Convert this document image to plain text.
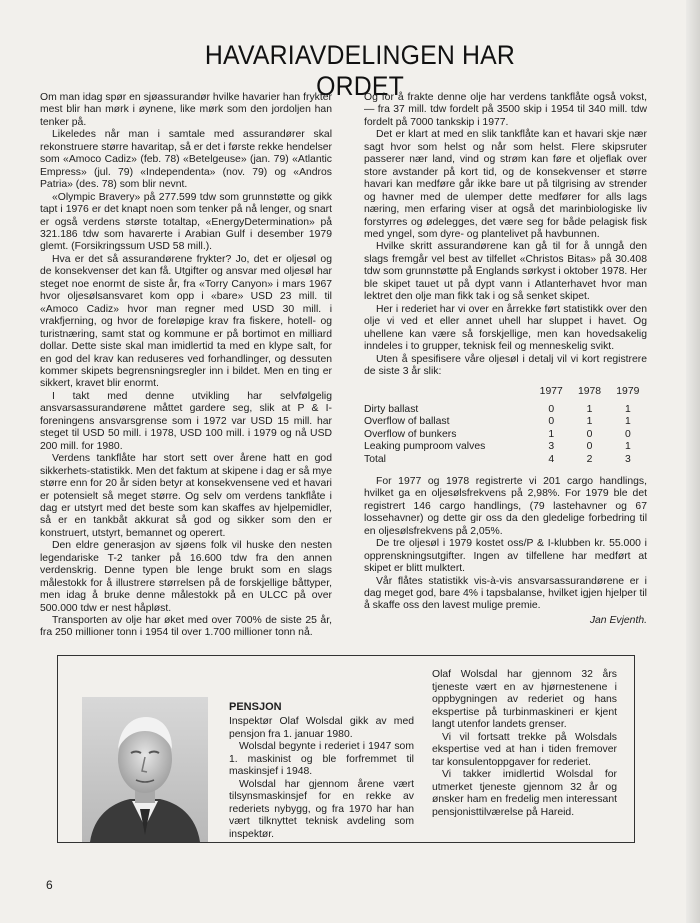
HAVARIAVDELINGEN HAR ORDET

Om man idag spør en sjøassurandør hvilke havarier han frykter mest blir han mørk i øynene, like mørk som den jordoljen han tenker på.

Likeledes når man i samtale med assurandører skal rekonstruere større havaritap, så er det i første rekke hendelser som «Amoco Cadiz» (feb. 78) «Betelgeuse» (jan. 79) «Atlantic Empress» (jul. 79) «Independenta» (nov. 79) og «Andros Patria» (des. 78) som blir nevnt.

«Olympic Bravery» på 277.599 tdw som grunnstøtte og gikk tapt i 1976 er det knapt noen som tenker på nå lenger, og snart er også verdens største totaltap, «EnergyDetermination» på 321.186 tdw som havarerte i Arabian Gulf i desember 1979 glemt. (Forsikringssum USD 58 mill.).

Hva er det så assurandørene frykter? Jo, det er oljesøl og de konsekvenser det kan få. Utgifter og ansvar med oljesøl har steget noe enormt de siste år, fra «Torry Canyon» i mars 1967 hvor oljesølsansvaret kom opp i «bare» USD 23 mill. til «Amoco Cadiz» hvor man regner med USD 30 mill. i vrakfjerning, og hvor de foreløpige krav fra fiskere, hotell- og turistnæring, samt stat og kommune er på bortimot en milliard dollar. Dette siste skal man imidlertid ta med en klype salt, for en god del krav kan reduseres ved forhandlinger, og dessuten kommer skipets begrensningsregler inn i bildet. Men en ting er sikkert, kravet blir enormt.

I takt med denne utvikling har selvfølgelig ansvarsassurandørene måttet gardere seg, slik at P & I-foreningens ansvarsgrense som i 1972 var USD 15 mill. har steget til USD 50 mill. i 1978, USD 100 mill. i 1979 og nå USD 200 mill. for 1980.

Verdens tankflåte har stort sett over årene hatt en god sikkerhets-statistikk. Men det faktum at skipene i dag er så mye større enn for 20 år siden betyr at konsekvensene ved et havari er potensielt så meget større. Og selv om verdens tankflåte i dag er utstyrt med det beste som kan skaffes av hjelpemidler, så er en tankbåt akkurat så god og sikker som den er konstruert, utstyrt, bemannet og operert.

Den eldre generasjon av sjøens folk vil huske den nesten legendariske T-2 tanker på 16.600 tdw fra den annen verdenskrig. Denne typen ble lenge brukt som en slags målestokk for å illustrere størrelsen på de forskjellige båttyper, men idag å bruke denne målestokk på en ULCC på over 500.000 tdw er nest håpløst.

Transporten av olje har øket med over 700% de siste 25 år, fra 250 millioner tonn i 1954 til over 1.700 millioner tonn nå.

Og for å frakte denne olje har verdens tankflåte også vokst, — fra 37 mill. tdw fordelt på 3500 skip i 1954 til 340 mill. tdw fordelt på 7000 tankskip i 1977.

Det er klart at med en slik tankflåte kan et havari skje nær sagt hvor som helst og når som helst. Flere skipsruter passerer nær land, vind og strøm kan føre et oljeflak over store avstander på kort tid, og de konsekvenser et større havari kan medføre går ikke bare ut på tilgrising av strender og havner med de ulemper dette medfører for alls lags næring, men erfaring viser at også det marinbiologiske liv forstyrres og ødelegges, det være seg for både pelagisk fisk med yngel, som dyre- og plantelivet på havbunnen.

Hvilke skritt assurandørene kan gå til for å unngå den slags fremgår vel best av tilfellet «Christos Bitas» på 30.408 tdw som grunnstøtte på Englands sørkyst i oktober 1978. Her ble skipet tauet ut på dypt vann i Atlanterhavet hvor man lektret den olje man fikk tak i og så senket skipet.

Her i rederiet har vi over en årrekke ført statistikk over den olje vi ved et eller annet uhell har sluppet i havet. Og uhellene kan være så forskjellige, men kan hovedsakelig inndeles i to grupper, teknisk feil og menneskelig svikt.

Uten å spesifisere våre oljesøl i detalj vil vi kort registrere de siste 3 år slik:

	1977	1978	1979
Dirty ballast	0	1	1
Overflow of ballast	0	1	1
Overflow of bunkers	1	0	0
Leaking pumproom valves	3	0	1
Total	4	2	3

For 1977 og 1978 registrerte vi 201 cargo handlings, hvilket ga en oljesølsfrekvens på 2,98%. For 1979 ble det registrert 146 cargo handlings, (79 lastehavner og 67 lossehavner) og dette gir oss da den gledelige forbedring til en oljesølsfrekvens på 2,05%.

De tre oljesøl i 1979 kostet oss/P & I-klubben kr. 55.000 i opprenskningsutgifter. Ingen av tilfellene har medført at skipet er blitt mulktert.

Vår flåtes statistikk vis-à-vis ansvarsassurandørene er i dag meget god, bare 4% i tapsbalanse, hvilket igjen hjelper til å skaffe oss den lavest mulige premie.

Jan Evjenth.
PENSJON

Inspektør Olaf Wolsdal gikk av med pensjon fra 1. januar 1980.

Wolsdal begynte i rederiet i 1947 som 1. maskinist og ble forfremmet til maskinsjef i 1948.

Wolsdal har gjennom årene vært tilsynsmaskinsjef for en rekke av rederiets nybygg, og fra 1970 har han vært tilknyttet teknisk avdeling som inspektør.

Olaf Wolsdal har gjennom 32 års tjeneste vært en av hjørnestenene i oppbygningen av rederiet og hans ekspertise på turbinmaskineri er kjent langt utenfor landets grenser.

Vi vil fortsatt trekke på Wolsdals ekspertise ved at han i tiden fremover tar konsulentoppgaver for rederiet.

Vi takker imidlertid Wolsdal for utmerket tjeneste gjennom 32 år og ønsker ham en fredelig men interessant pensjonisttilværelse på Hareid.

6
